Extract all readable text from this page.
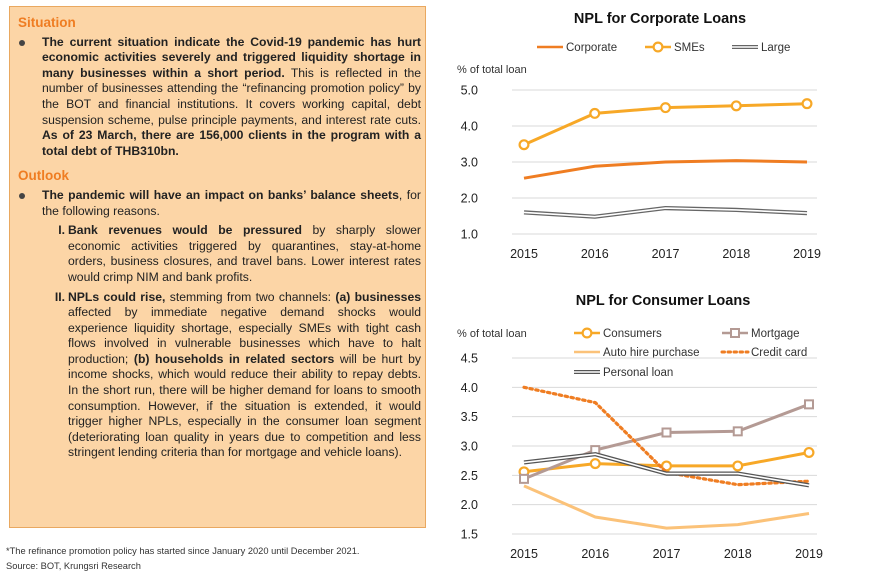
Situation
The current situation indicate the Covid-19 pandemic has hurt economic activities severely and triggered liquidity shortage in many businesses within a short period. This is reflected in the number of businesses attending the “refinancing promotion policy” by the BOT and financial institutions. It covers working capital, debt suspension scheme, pulse principle payments, and interest rate cuts. As of 23 March, there are 156,000 clients in the program with a total debt of THB310bn.
Outlook
The pandemic will have an impact on banks’ balance sheets, for the following reasons.
I. Bank revenues would be pressured by sharply slower economic activities triggered by quarantines, stay-at-home orders, business closures, and travel bans. Lower interest rates would crimp NIM and bank profits.
II. NPLs could rise, stemming from two channels: (a) businesses affected by immediate negative demand shocks would experience liquidity shortage, especially SMEs with tight cash flows involved in vulnerable businesses which have to halt production; (b) households in related sectors will be hurt by income shocks, which would reduce their ability to repay debts. In the short run, there will be higher demand for loans to smooth consumption. However, if the situation is extended, it would trigger higher NPLs, especially in the consumer loan segment (deteriorating loan quality in years due to competition and less stringent lending criteria than for mortgage and vehicle loans).
*The refinance promotion policy has started since January 2020 until December 2021.
Source: BOT, Krungsri Research
NPL for Corporate Loans
Corporate	SMEs	Large
% of total loan
5.0
4.0
3.0
2.0
1.0
2015	2016	2017	2018	2019
NPL for Consumer Loans
Consumers	Mortgage
Auto hire purchase	Credit card
Personal loan
% of total loan
4.5
4.0
3.5
3.0
2.5
2.0
1.5
2015	2016	2017	2018	2019
